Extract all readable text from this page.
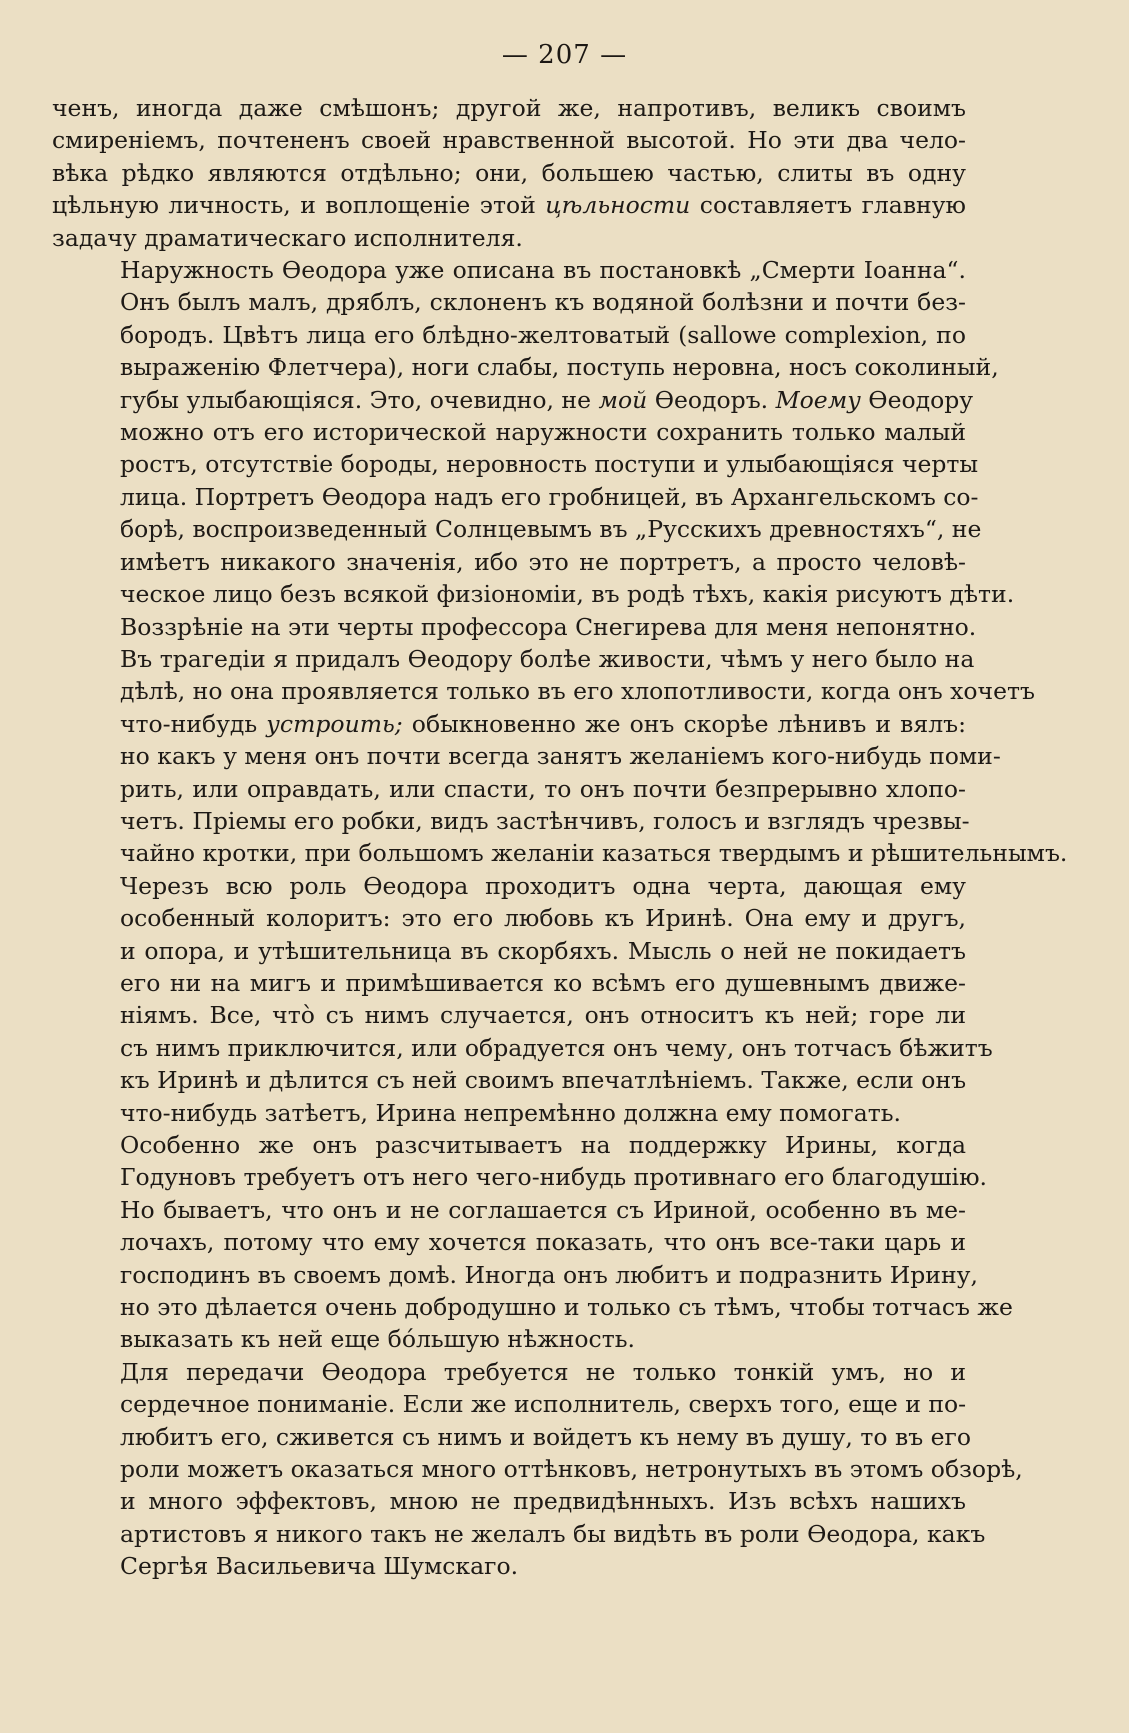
— 207 —
ченъ, иногда даже смѣшонъ; другой же, напротивъ, великъ своимъ
смиреніемъ, почтененъ своей нравственной высотой. Но эти два чело-
вѣка рѣдко являются отдѣльно; они, большею частью, слиты въ одну
цѣльную личность, и воплощеніе этой цѣльности составляетъ главную
задачу драматическаго исполнителя.
Наружность Ѳеодора уже описана въ постановкѣ „Смерти Іоанна“.
Онъ былъ малъ, дряблъ, склоненъ къ водяной болѣзни и почти без-
бородъ. Цвѣтъ лица его блѣдно-желтоватый (sallowe complexion, по
выраженію Флетчера), ноги слабы, поступь неровна, носъ соколиный,
губы улыбающіяся. Это, очевидно, не мой Ѳеодоръ. Моему Ѳеодору
можно отъ его исторической наружности сохранить только малый
ростъ, отсутствіе бороды, неровность поступи и улыбающіяся черты
лица. Портретъ Ѳеодора надъ его гробницей, въ Архангельскомъ со-
борѣ, воспроизведенный Солнцевымъ въ „Русскихъ древностяхъ“, не
имѣетъ никакого значенія, ибо это не портретъ, а просто человѣ-
ческое лицо безъ всякой физіономіи, въ родѣ тѣхъ, какія рисуютъ дѣти.
Воззрѣніе на эти черты профессора Снегирева для меня непонятно.
Въ трагедіи я придалъ Ѳеодору болѣе живости, чѣмъ у него было на
дѣлѣ, но она проявляется только въ его хлопотливости, когда онъ хочетъ
что-нибудь устроить; обыкновенно же онъ скорѣе лѣнивъ и вялъ:
но какъ у меня онъ почти всегда занятъ желаніемъ кого-нибудь поми-
рить, или оправдать, или спасти, то онъ почти безпрерывно хлопо-
четъ. Пріемы его робки, видъ застѣнчивъ, голосъ и взглядъ чрезвы-
чайно кротки, при большомъ желаніи казаться твердымъ и рѣшительнымъ.
Черезъ всю роль Ѳеодора проходитъ одна черта, дающая ему
особенный колоритъ: это его любовь къ Иринѣ. Она ему и другъ,
и опора, и утѣшительница въ скорбяхъ. Мысль о ней не покидаетъ
его ни на мигъ и примѣшивается ко всѣмъ его душевнымъ движе-
ніямъ. Все, чтò съ нимъ случается, онъ относитъ къ ней; горе ли
съ нимъ приключится, или обрадуется онъ чему, онъ тотчасъ бѣжитъ
къ Иринѣ и дѣлится съ ней своимъ впечатлѣніемъ. Также, если онъ
что-нибудь затѣетъ, Ирина непремѣнно должна ему помогать.
Особенно же онъ разсчитываетъ на поддержку Ирины, когда
Годуновъ требуетъ отъ него чего-нибудь противнаго его благодушію.
Но бываетъ, что онъ и не соглашается съ Ириной, особенно въ ме-
лочахъ, потому что ему хочется показать, что онъ все-таки царь и
господинъ въ своемъ домѣ. Иногда онъ любитъ и подразнить Ирину,
но это дѣлается очень добродушно и только съ тѣмъ, чтобы тотчасъ же
выказать къ ней еще бóльшую нѣжность.
Для передачи Ѳеодора требуется не только тонкій умъ, но и
сердечное пониманіе. Если же исполнитель, сверхъ того, еще и по-
любитъ его, сживется съ нимъ и войдетъ къ нему въ душу, то въ его
роли можетъ оказаться много оттѣнковъ, нетронутыхъ въ этомъ обзорѣ,
и много эффектовъ, мною не предвидѣнныхъ. Изъ всѣхъ нашихъ
артистовъ я никого такъ не желалъ бы видѣть въ роли Ѳеодора, какъ
Сергѣя Васильевича Шумскаго.
